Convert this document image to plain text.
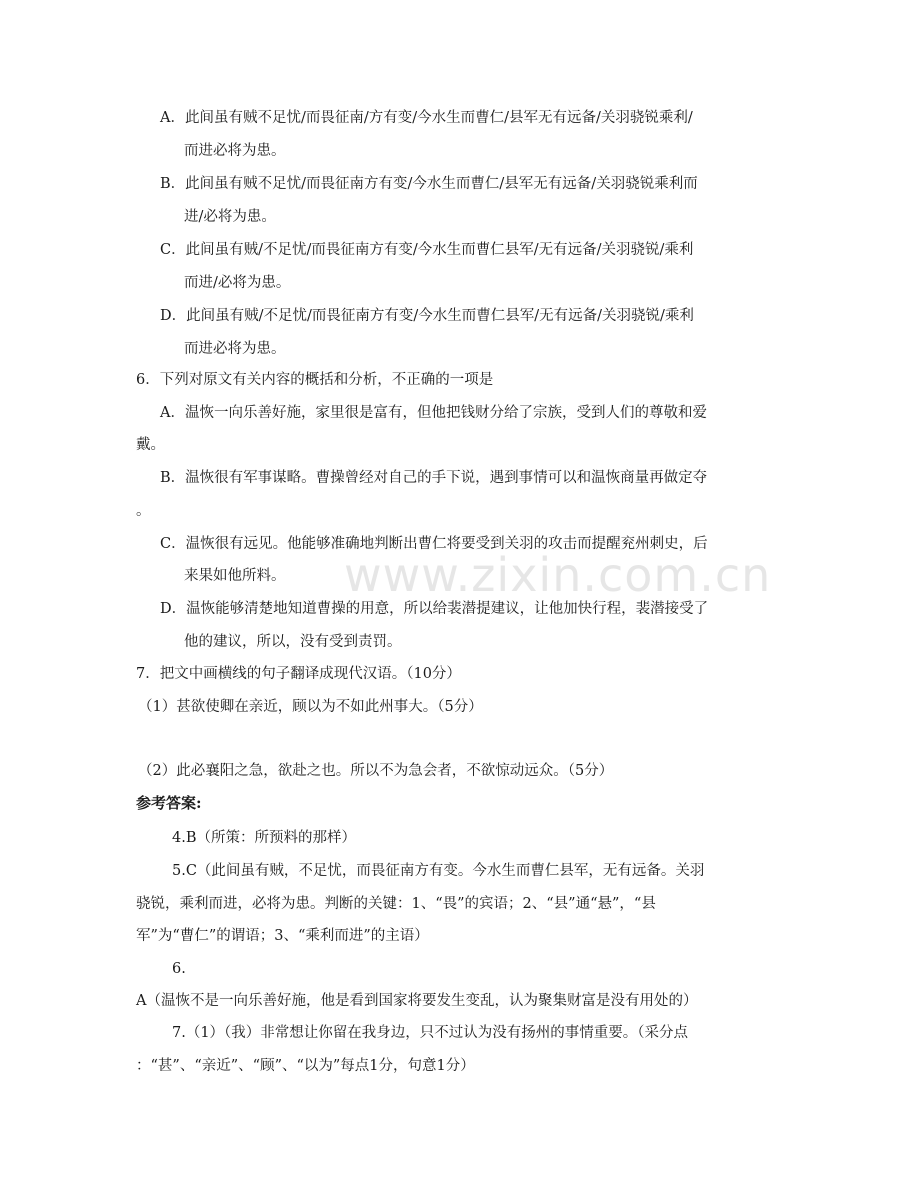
www.zixin.com.cn
A．此间虽有贼不足忧/而畏征南/方有变/今水生而曹仁/县军无有远备/关羽骁锐乘利/
而进必将为患。
B．此间虽有贼不足忧/而畏征南方有变/今水生而曹仁/县军无有远备/关羽骁锐乘利而
进/必将为患。
C．此间虽有贼/不足忧/而畏征南方有变/今水生而曹仁县军/无有远备/关羽骁锐/乘利
而进/必将为患。
D．此间虽有贼/不足忧/而畏征南方有变/今水生而曹仁县军/无有远备/关羽骁锐/乘利
而进必将为患。
6．下列对原文有关内容的概括和分析，不正确的一项是
A．温恢一向乐善好施，家里很是富有，但他把钱财分给了宗族，受到人们的尊敬和爱
戴。
B．温恢很有军事谋略。曹操曾经对自己的手下说，遇到事情可以和温恢商量再做定夺
。
C．温恢很有远见。他能够准确地判断出曹仁将要受到关羽的攻击而提醒兖州刺史，后
来果如他所料。
D．温恢能够清楚地知道曹操的用意，所以给裴潜提建议，让他加快行程，裴潜接受了
他的建议，所以，没有受到责罚。
7．把文中画横线的句子翻译成现代汉语。（10分）
（1）甚欲使卿在亲近，顾以为不如此州事大。（5分）
（2）此必襄阳之急，欲赴之也。所以不为急会者，不欲惊动远众。（5分）
参考答案:
4.B（所策：所预料的那样）
5.C（此间虽有贼，不足忧，而畏征南方有变。今水生而曹仁县军，无有远备。关羽
骁锐，乘利而进，必将为患。判断的关键：1、“畏”的宾语；2、“县”通“悬”，“县
军”为“曹仁”的谓语；3、“乘利而进”的主语）
6.
A（温恢不是一向乐善好施，他是看到国家将要发生变乱，认为聚集财富是没有用处的）
7.（1）（我）非常想让你留在我身边，只不过认为没有扬州的事情重要。（采分点
：“甚”、“亲近”、“顾”、“以为”每点1分，句意1分）
